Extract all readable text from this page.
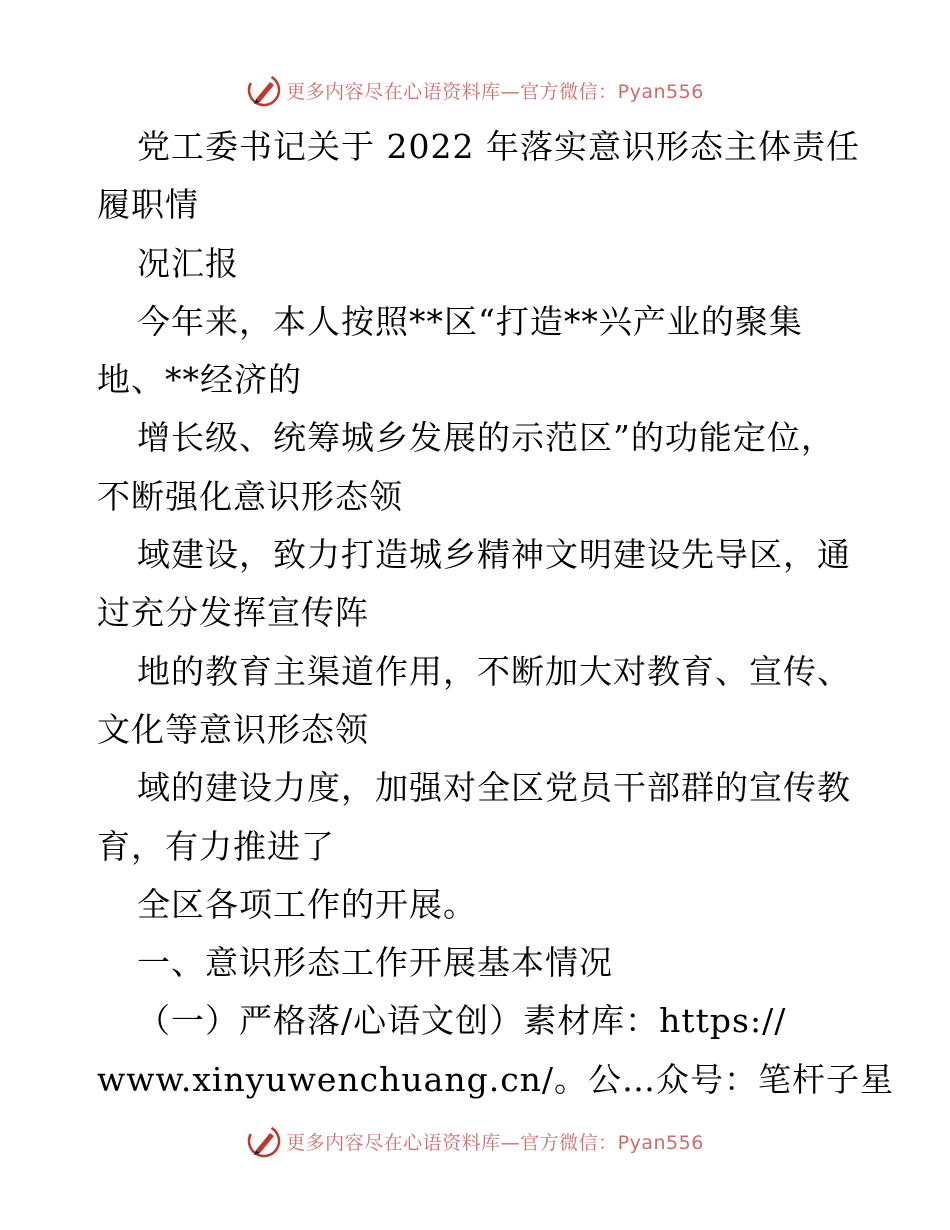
更多内容尽在心语资料库—官方微信：Pyan556
党工委书记关于 2022 年落实意识形态主体责任
履职情
况汇报
今年来，本人按照**区“打造**兴产业的聚集
地、**经济的
增长级、统筹城乡发展的示范区”的功能定位，
不断强化意识形态领
域建设，致力打造城乡精神文明建设先导区，通
过充分发挥宣传阵
地的教育主渠道作用，不断加大对教育、宣传、
文化等意识形态领
域的建设力度，加强对全区党员干部群的宣传教
育，有力推进了
全区各项工作的开展。
一、意识形态工作开展基本情况
（一）严格落/心语文创）素材库：https://
www.xinyuwenchuang.cn/。公…众号：笔杆子星
更多内容尽在心语资料库—官方微信：Pyan556
